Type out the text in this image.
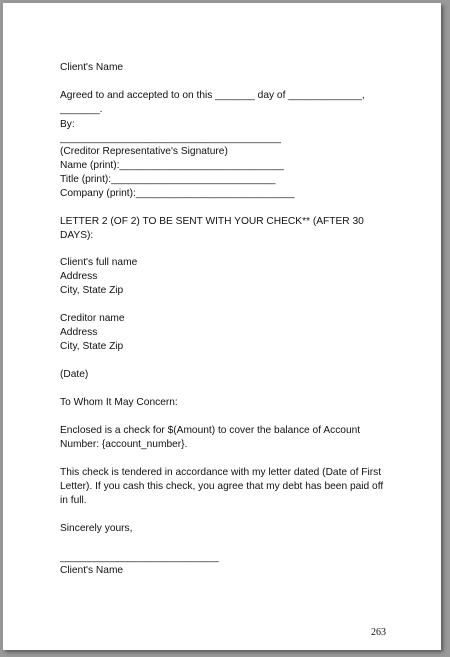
Client's Name
Agreed to and accepted to on this _______ day of _____________,
_______.
By:
_______________________________________
(Creditor Representative's Signature)
Name (print):_____________________________
Title (print):_____________________________
Company (print):____________________________
LETTER 2 (OF 2) TO BE SENT WITH YOUR CHECK** (AFTER 30
DAYS):
Client's full name
Address
City, State Zip
Creditor name
Address
City, State Zip
(Date)
To Whom It May Concern:
Enclosed is a check for $(Amount) to cover the balance of Account
Number: {account_number}.
This check is tendered in accordance with my letter dated (Date of First
Letter). If you cash this check, you agree that my debt has been paid off
in full.
Sincerely yours,
____________________________
Client's Name
263
